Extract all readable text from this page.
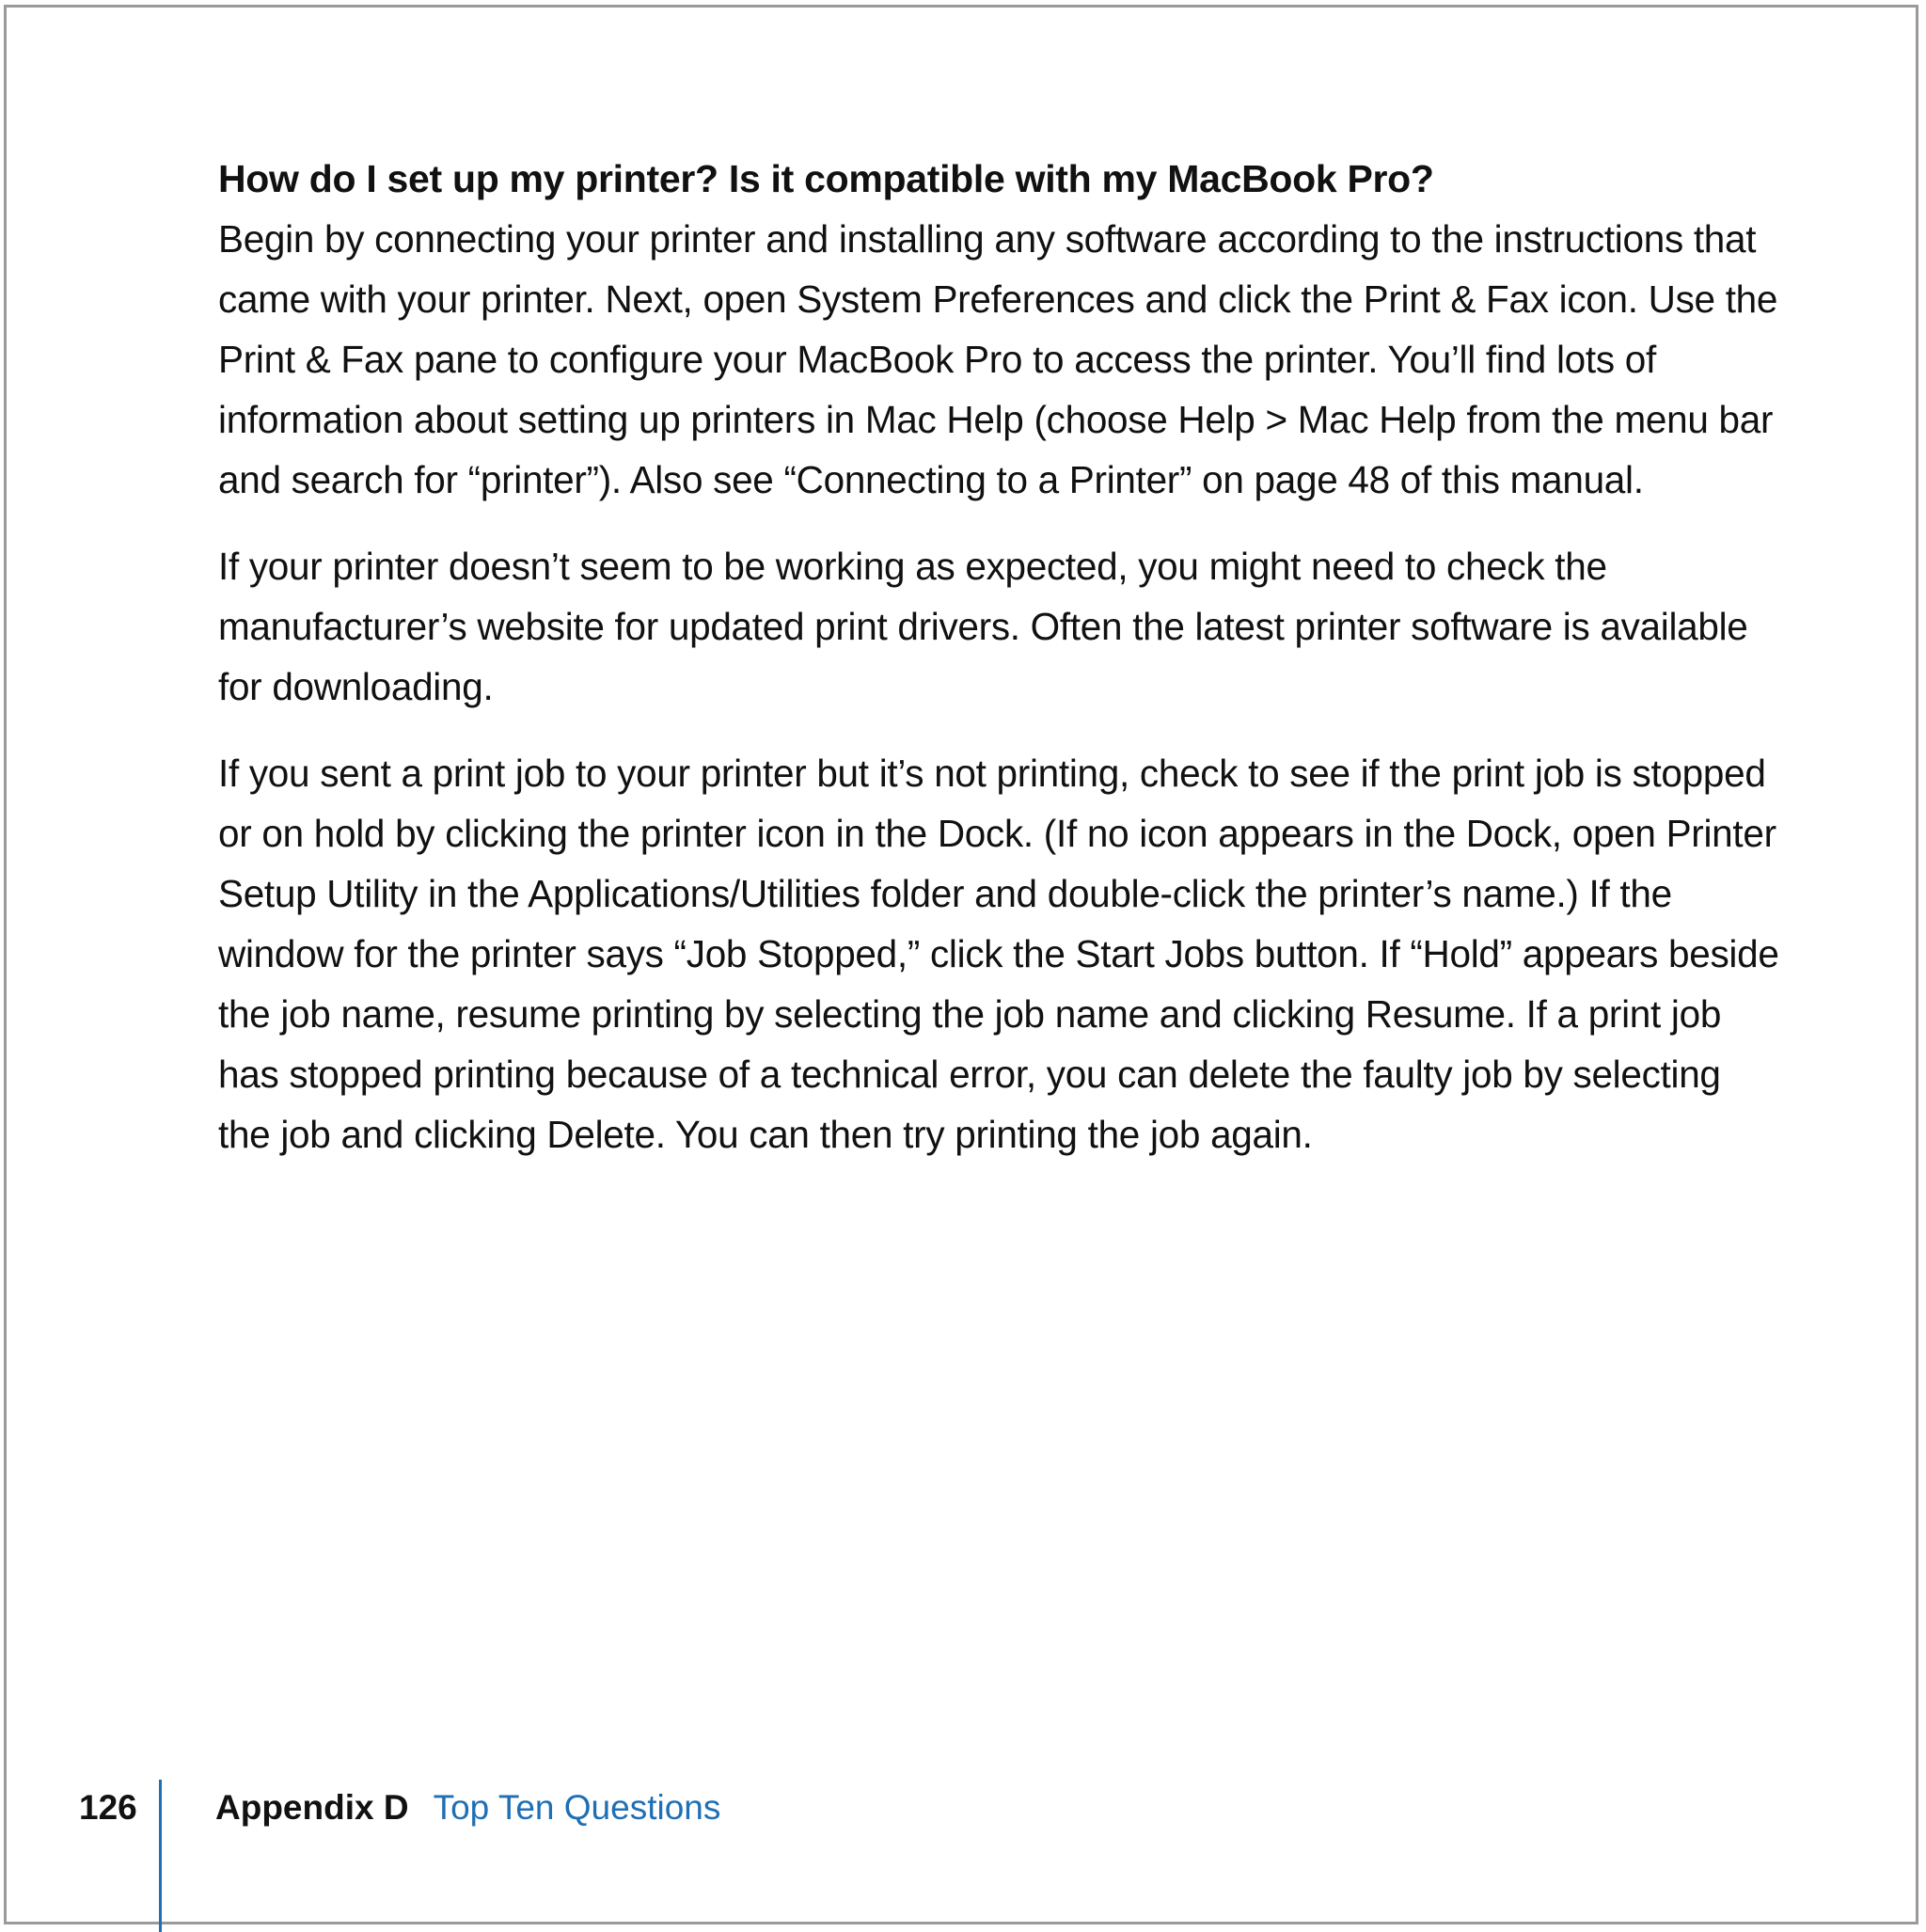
How do I set up my printer? Is it compatible with my MacBook Pro?

Begin by connecting your printer and installing any software according to the instructions that came with your printer. Next, open System Preferences and click the Print & Fax icon. Use the Print & Fax pane to configure your MacBook Pro to access the printer. You’ll find lots of information about setting up printers in Mac Help (choose Help > Mac Help from the menu bar and search for “printer”). Also see “Connecting to a Printer” on page 48 of this manual.

If your printer doesn’t seem to be working as expected, you might need to check the manufacturer’s website for updated print drivers. Often the latest printer software is available for downloading.

If you sent a print job to your printer but it’s not printing, check to see if the print job is stopped or on hold by clicking the printer icon in the Dock. (If no icon appears in the Dock, open Printer Setup Utility in the Applications/Utilities folder and double-click the printer’s name.) If the window for the printer says “Job Stopped,” click the Start Jobs button. If “Hold” appears beside the job name, resume printing by selecting the job name and clicking Resume. If a print job has stopped printing because of a technical error, you can delete the faulty job by selecting the job and clicking Delete. You can then try printing the job again.

126 Appendix D Top Ten Questions
